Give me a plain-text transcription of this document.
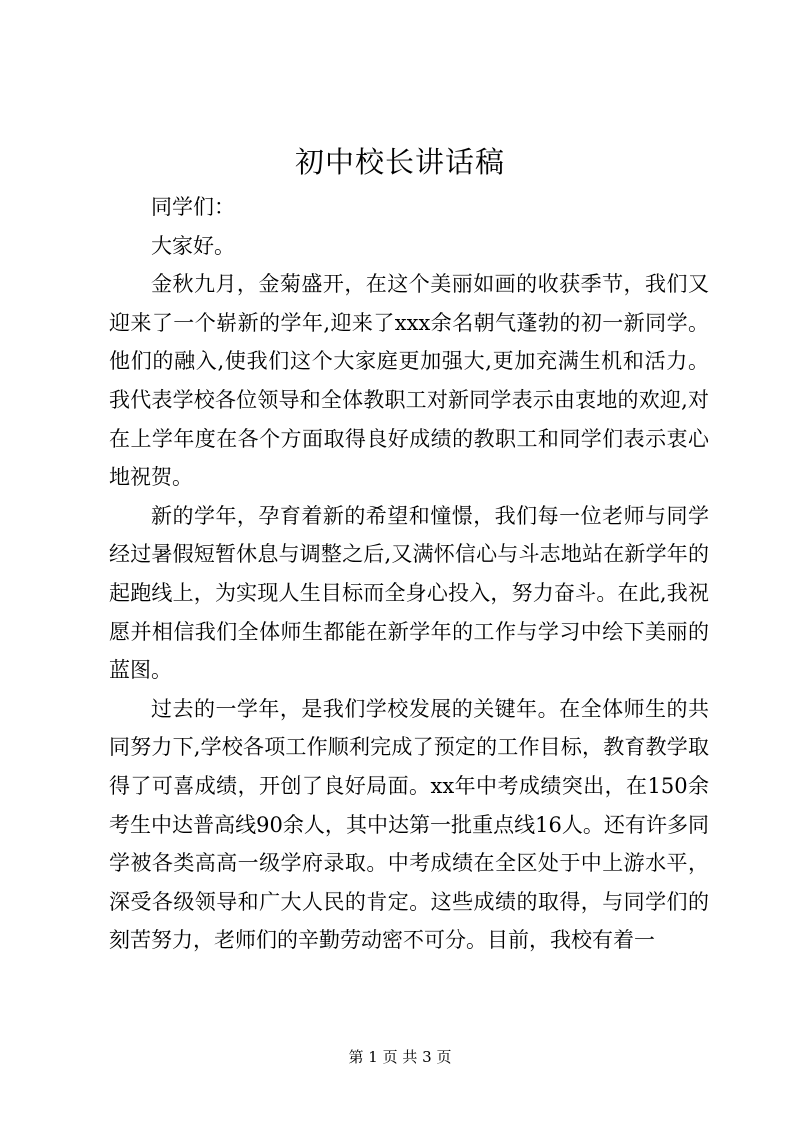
初中校长讲话稿

同学们：

大家好。

金秋九月，金菊盛开，在这个美丽如画的收获季节，我们又迎来了一个崭新的学年,迎来了xxx余名朝气蓬勃的初一新同学。他们的融入,使我们这个大家庭更加强大,更加充满生机和活力。我代表学校各位领导和全体教职工对新同学表示由衷地的欢迎,对在上学年度在各个方面取得良好成绩的教职工和同学们表示衷心地祝贺。

新的学年，孕育着新的希望和憧憬，我们每一位老师与同学经过暑假短暂休息与调整之后,又满怀信心与斗志地站在新学年的起跑线上，为实现人生目标而全身心投入，努力奋斗。在此,我祝愿并相信我们全体师生都能在新学年的工作与学习中绘下美丽的蓝图。

过去的一学年，是我们学校发展的关键年。在全体师生的共同努力下,学校各项工作顺利完成了预定的工作目标，教育教学取得了可喜成绩，开创了良好局面。xx年中考成绩突出，在150余考生中达普高线90余人，其中达第一批重点线16人。还有许多同学被各类高高一级学府录取。中考成绩在全区处于中上游水平，深受各级领导和广大人民的肯定。这些成绩的取得，与同学们的刻苦努力，老师们的辛勤劳动密不可分。目前，我校有着一

第 1 页 共 3 页
